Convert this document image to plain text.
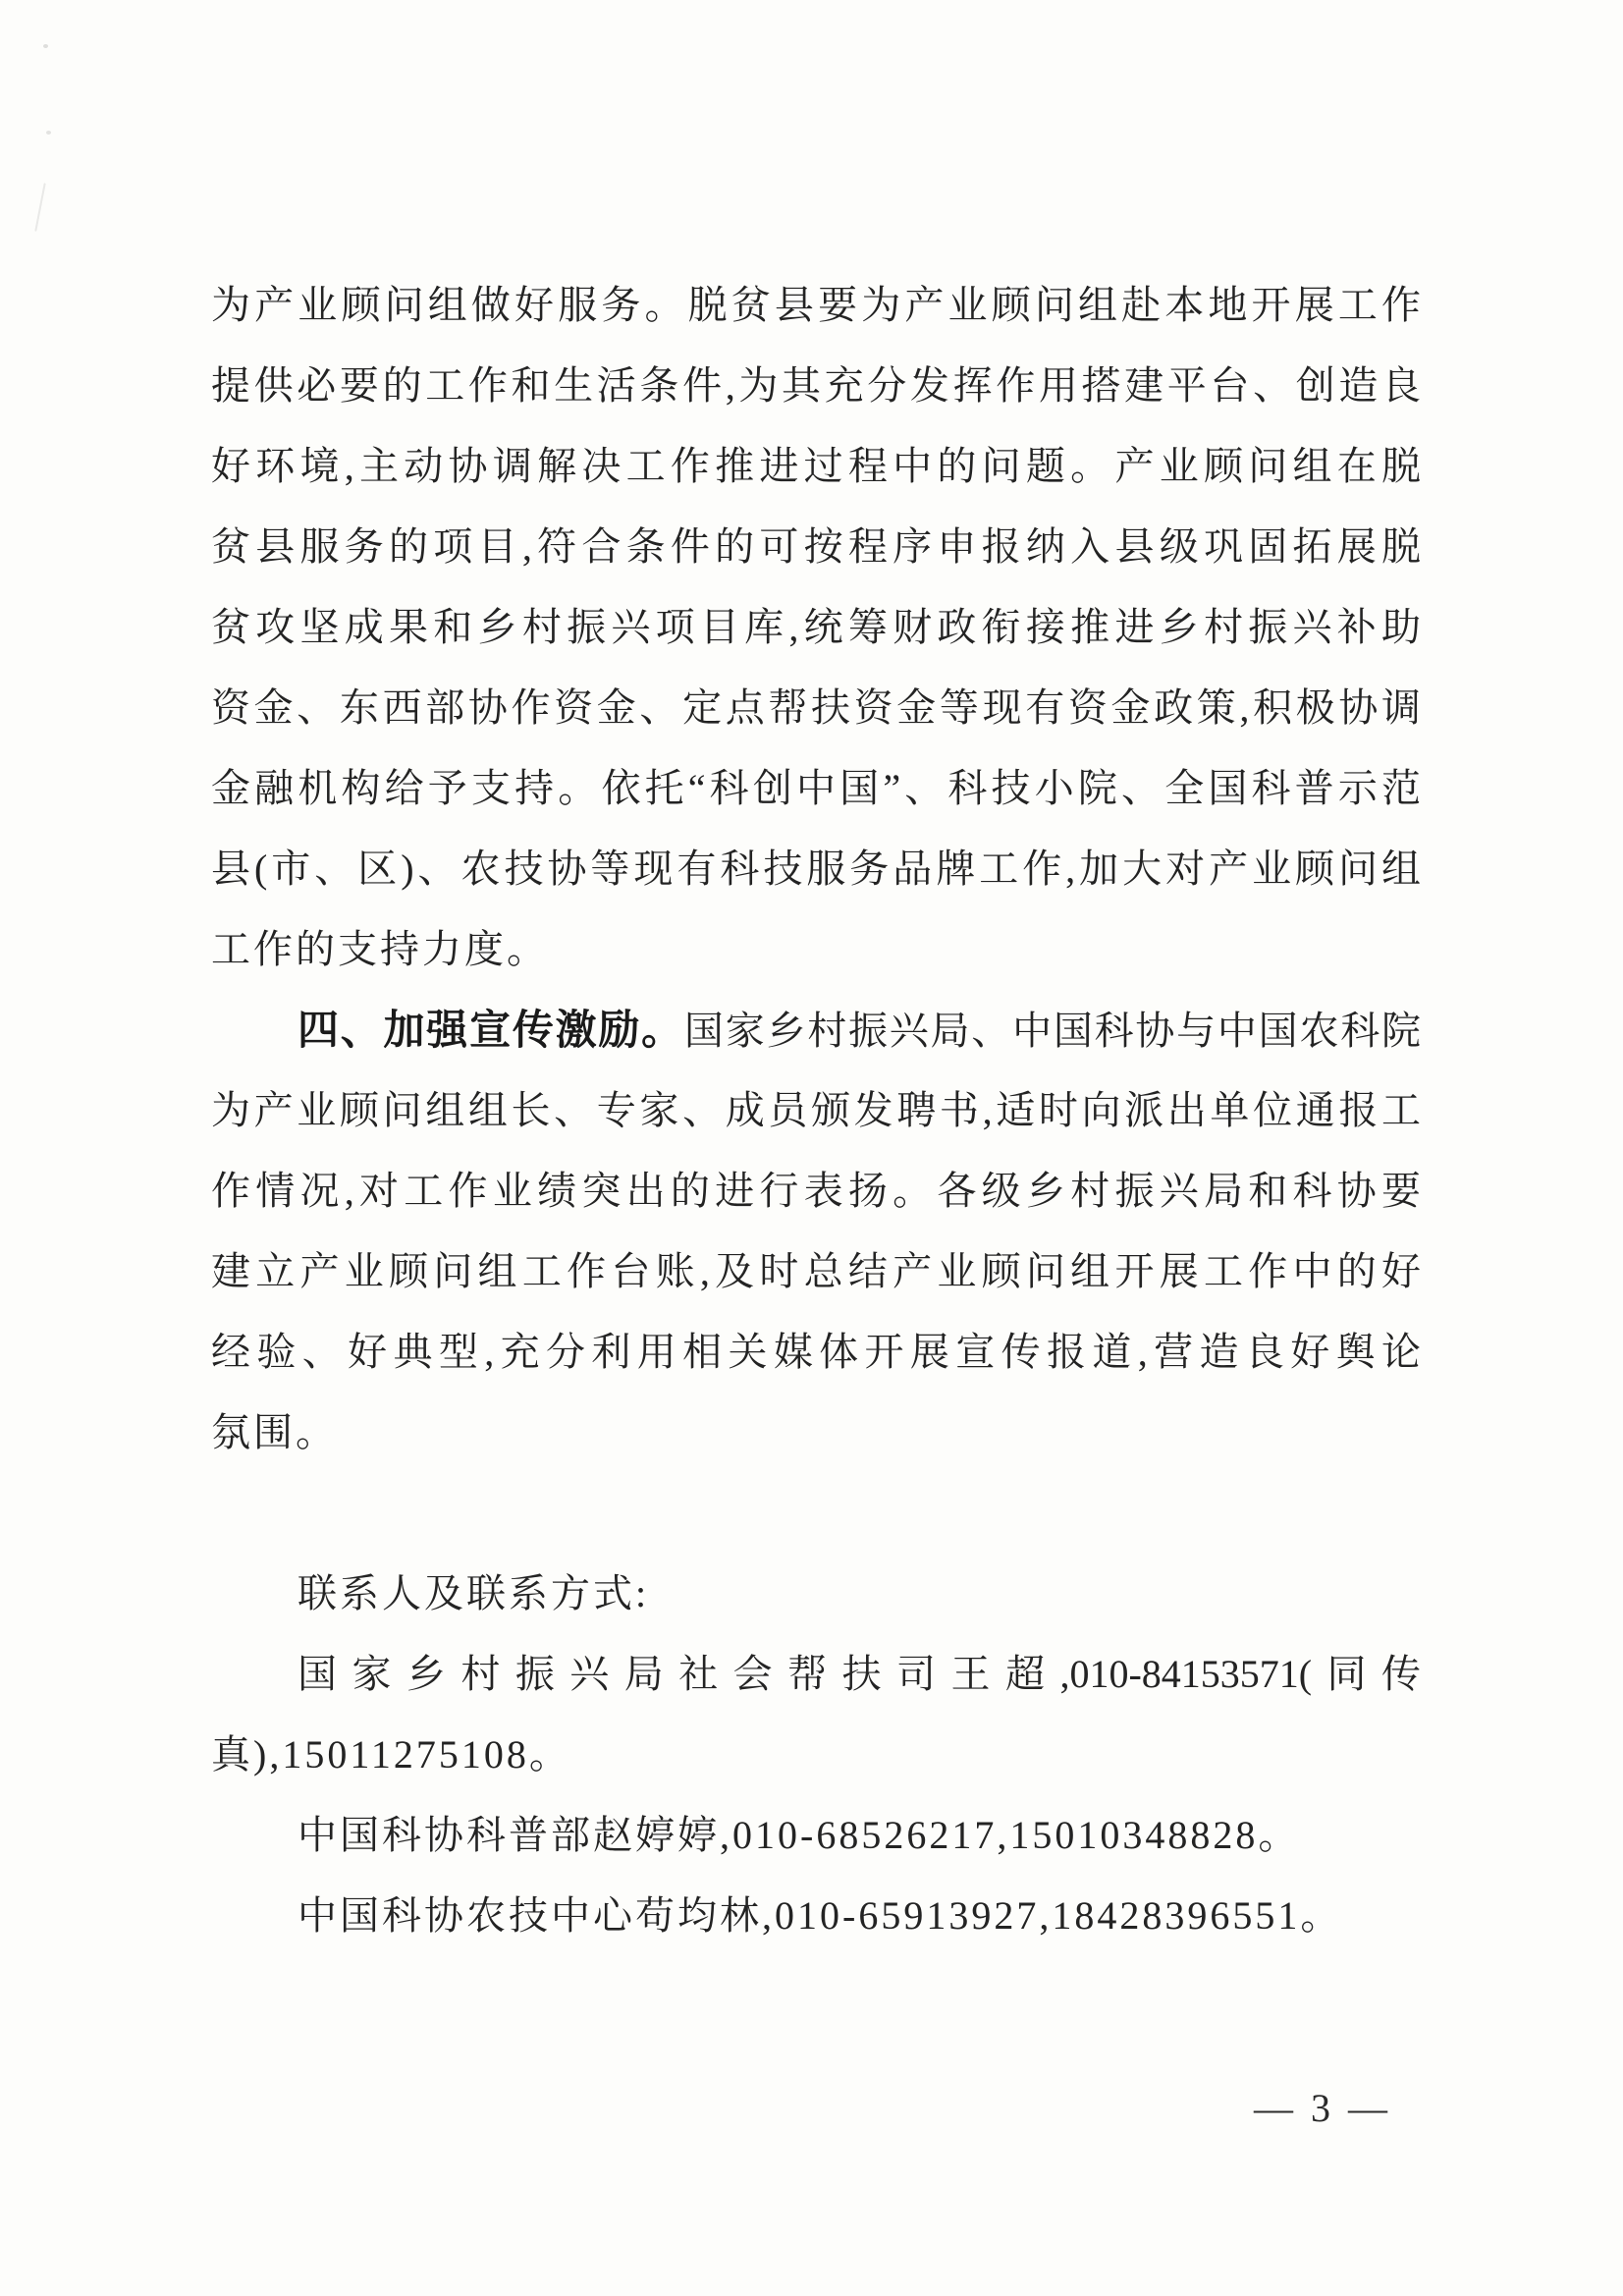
为产业顾问组做好服务。脱贫县要为产业顾问组赴本地开展工作
提供必要的工作和生活条件,为其充分发挥作用搭建平台、创造良
好环境,主动协调解决工作推进过程中的问题。产业顾问组在脱
贫县服务的项目,符合条件的可按程序申报纳入县级巩固拓展脱
贫攻坚成果和乡村振兴项目库,统筹财政衔接推进乡村振兴补助
资金、东西部协作资金、定点帮扶资金等现有资金政策,积极协调
金融机构给予支持。依托“科创中国”、科技小院、全国科普示范
县(市、区)、农技协等现有科技服务品牌工作,加大对产业顾问组
工作的支持力度。
四、加强宣传激励。国家乡村振兴局、中国科协与中国农科院
为产业顾问组组长、专家、成员颁发聘书,适时向派出单位通报工
作情况,对工作业绩突出的进行表扬。各级乡村振兴局和科协要
建立产业顾问组工作台账,及时总结产业顾问组开展工作中的好
经验、好典型,充分利用相关媒体开展宣传报道,营造良好舆论
氛围。
联系人及联系方式:
国家乡村振兴局社会帮扶司王超,010-84153571(同传
真),15011275108。
中国科协科普部赵婷婷,010-68526217,15010348828。
中国科协农技中心苟均林,010-65913927,18428396551。
— 3 —
